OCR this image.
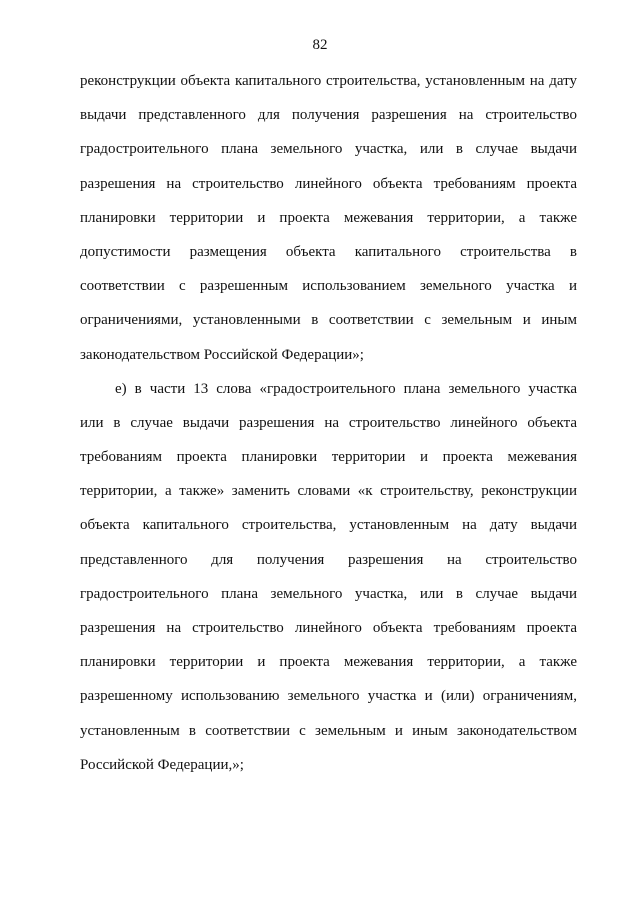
82
реконструкции объекта капитального строительства, установленным на дату
выдачи представленного для получения разрешения на строительство
градостроительного плана земельного участка, или в случае выдачи
разрешения на строительство линейного объекта требованиям проекта
планировки территории и проекта межевания территории, а также
допустимости размещения объекта капитального строительства в
соответствии с разрешенным использованием земельного участка и
ограничениями, установленными в соответствии с земельным и иным
законодательством Российской Федерации»;
е) в части 13 слова «градостроительного плана земельного участка
или в случае выдачи разрешения на строительство линейного объекта
требованиям проекта планировки территории и проекта межевания
территории, а также» заменить словами «к строительству, реконструкции
объекта капитального строительства, установленным на дату выдачи
представленного для получения разрешения на строительство
градостроительного плана земельного участка, или в случае выдачи
разрешения на строительство линейного объекта требованиям проекта
планировки территории и проекта межевания территории, а также
разрешенному использованию земельного участка и (или) ограничениям,
установленным в соответствии с земельным и иным законодательством
Российской Федерации,»;
